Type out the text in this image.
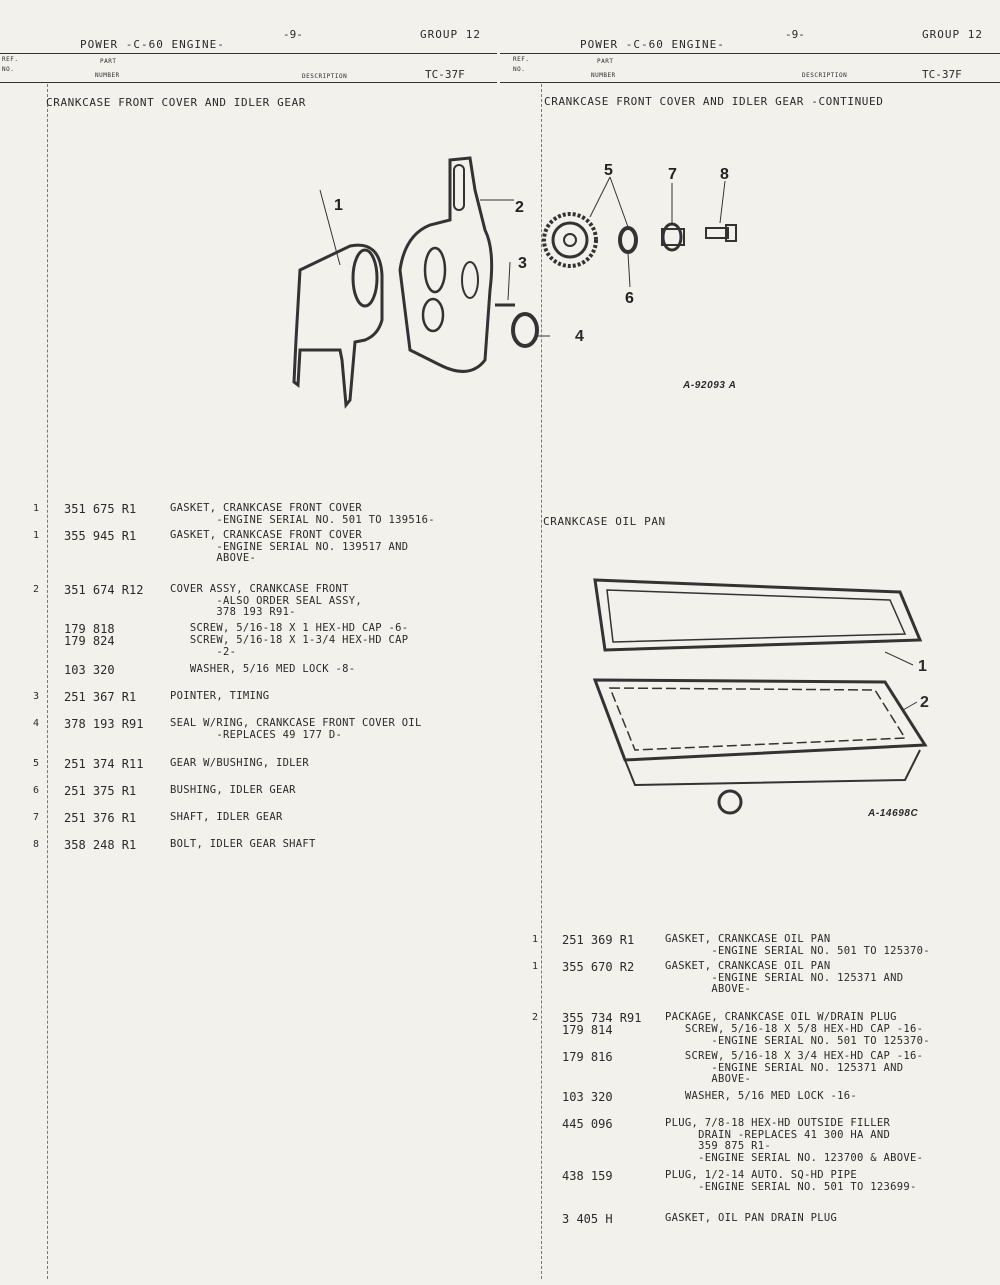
POWER -C-60 ENGINE-
-9-	GROUP 12
REF.
NO.
PART
NUMBER	DESCRIPTION	TC-37F
CRANKCASE FRONT COVER AND IDLER GEAR
1	2
3
4
1 351 675 R1	GASKET, CRANKCASE FRONT COVER
-ENGINE SERIAL NO. 501 TO 139516-
1 355 945 R1	GASKET, CRANKCASE FRONT COVER
-ENGINE SERIAL NO. 139517 AND
ABOVE-
2 351 674 R12	COVER ASSY, CRANKCASE FRONT
-ALSO ORDER SEAL ASSY,
378 193 R91-
179 818	SCREW, 5/16-18 X 1 HEX-HD CAP -6-
179 824	SCREW, 5/16-18 X 1-3/4 HEX-HD CAP
-2-
103 320	WASHER, 5/16 MED LOCK -8-
3 251 367 R1	POINTER, TIMING
4 378 193 R91	SEAL W/RING, CRANKCASE FRONT COVER OIL
-REPLACES 49 177 D-
5 251 374 R11	GEAR W/BUSHING, IDLER
6 251 375 R1	BUSHING, IDLER GEAR
7 251 376 R1	SHAFT, IDLER GEAR
8 358 248 R1	BOLT, IDLER GEAR SHAFT
POWER -C-60 ENGINE-
-9-	GROUP 12
REF.
NO.
PART
NUMBER	DESCRIPTION	TC-37F
CRANKCASE FRONT COVER AND IDLER GEAR -CONTINUED
5
6
7	8
A-92093 A
CRANKCASE OIL PAN
1
2
A-14698C
1 251 369 R1	GASKET, CRANKCASE OIL PAN
-ENGINE SERIAL NO. 501 TO 125370-
1 355 670 R2	GASKET, CRANKCASE OIL PAN
-ENGINE SERIAL NO. 125371 AND
ABOVE-
2 355 734 R91 PACKAGE, CRANKCASE OIL W/DRAIN PLUG
179 814	SCREW, 5/16-18 X 5/8 HEX-HD CAP -16-
-ENGINE SERIAL NO. 501 TO 125370-
179 816	SCREW, 5/16-18 X 3/4 HEX-HD CAP -16-
-ENGINE SERIAL NO. 125371 AND
ABOVE-
103 320	WASHER, 5/16 MED LOCK -16-
445 096	PLUG, 7/8-18 HEX-HD OUTSIDE FILLER
DRAIN -REPLACES 41 300 HA AND
359 875 R1-
-ENGINE SERIAL NO. 123700 & ABOVE-
438 159	PLUG, 1/2-14 AUTO. SQ-HD PIPE
-ENGINE SERIAL NO. 501 TO 123699-
3 405 H	GASKET, OIL PAN DRAIN PLUG
